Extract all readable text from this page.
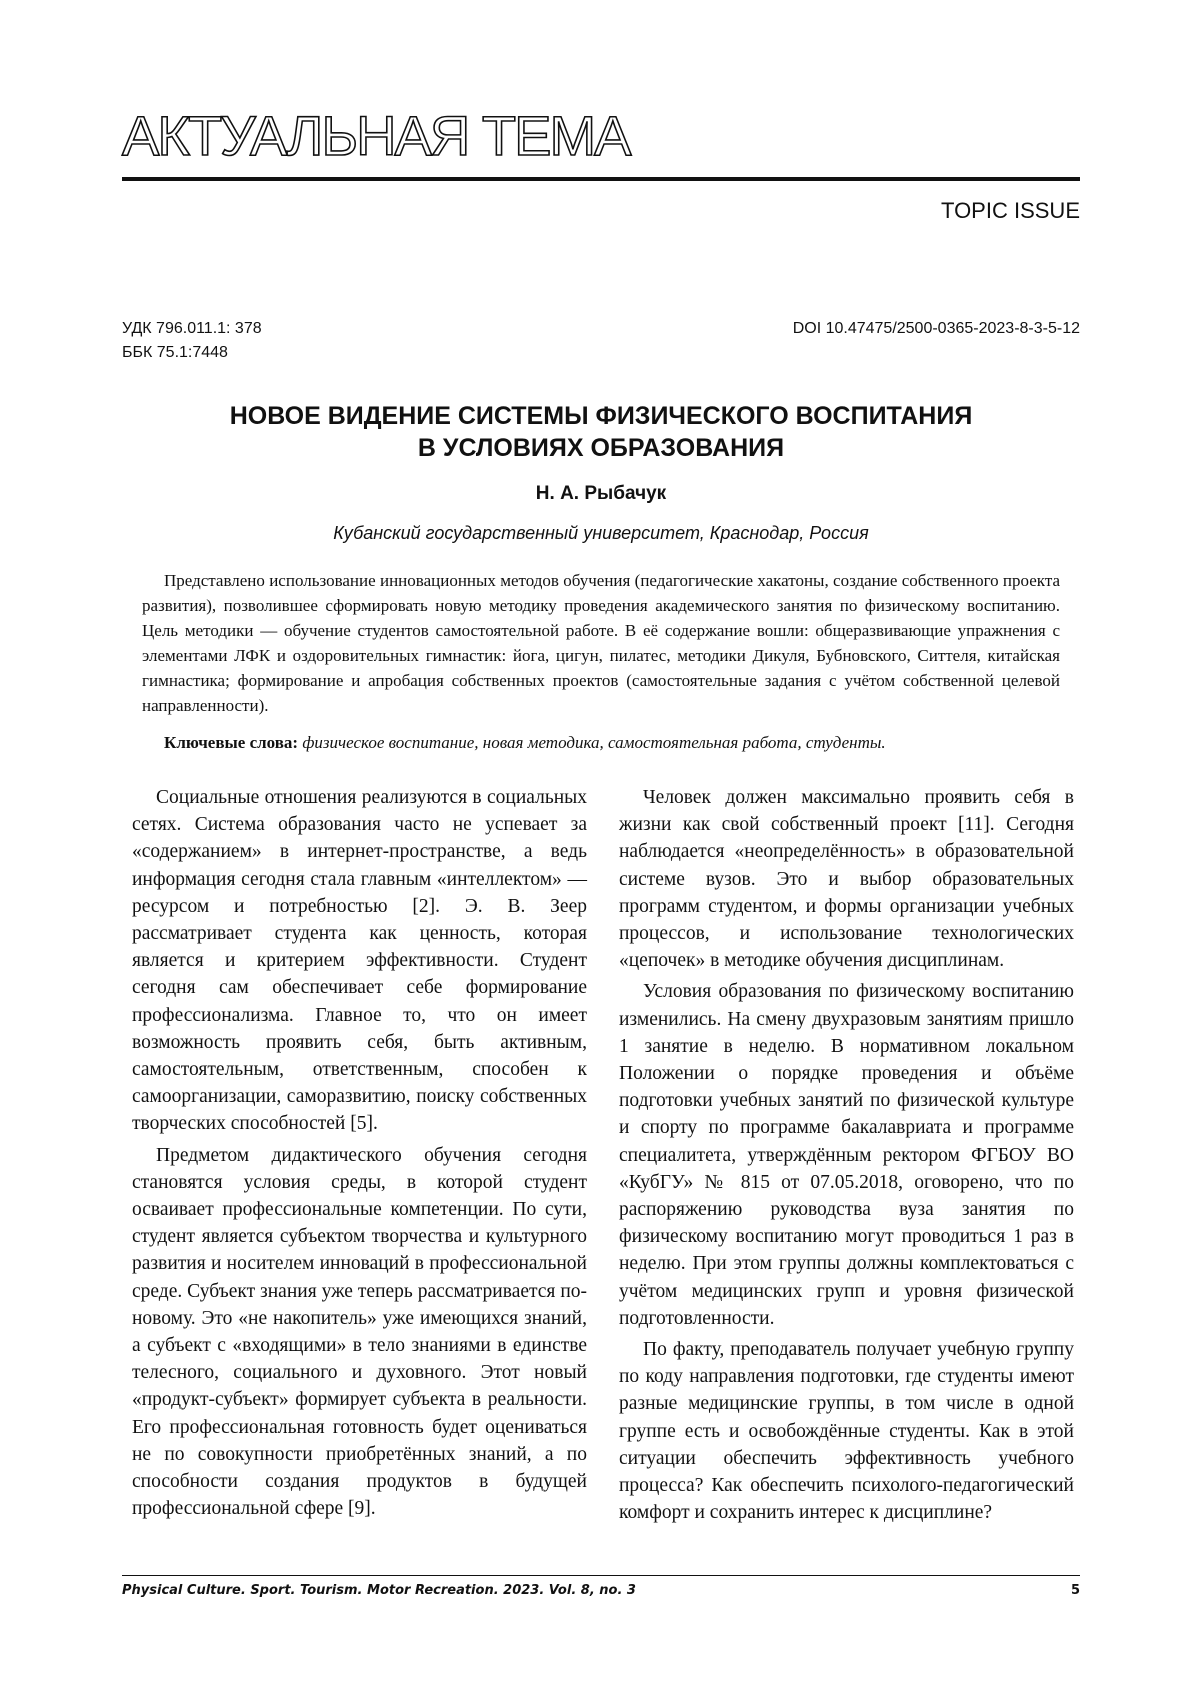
АКТУАЛЬНАЯ ТЕМА
TOPIC ISSUE
УДК 796.011.1: 378
ББК 75.1:7448
DOI 10.47475/2500-0365-2023-8-3-5-12
НОВОЕ ВИДЕНИЕ СИСТЕМЫ ФИЗИЧЕСКОГО ВОСПИТАНИЯ
В УСЛОВИЯХ ОБРАЗОВАНИЯ
Н. А. Рыбачук
Кубанский государственный университет, Краснодар, Россия

Представлено использование инновационных методов обучения (педагогические хакатоны, создание собственного проекта развития), позволившее сформировать новую методику проведения академического занятия по физическому воспитанию. Цель методики — обучение студентов самостоятельной работе. В её содержание вошли: общеразвивающие упражнения с элементами ЛФК и оздоровительных гимнастик: йога, цигун, пилатес, методики Дикуля, Бубновского, Ситтеля, китайская гимнастика; формирование и апробация собственных проектов (самостоятельные задания с учётом собственной целевой направленности).

Ключевые слова: физическое воспитание, новая методика, самостоятельная работа, студенты.

Социальные отношения реализуются в социальных сетях. Система образования часто не успевает за «содержанием» в интернет-пространстве, а ведь информация сегодня стала главным «интеллектом» — ресурсом и потребностью [2]. Э. В. Зеер рассматривает студента как ценность, которая является и критерием эффективности. Студент сегодня сам обеспечивает себе формирование профессионализма. Главное то, что он имеет возможность проявить себя, быть активным, самостоятельным, ответственным, способен к самоорганизации, саморазвитию, поиску собственных творческих способностей [5].

Предметом дидактического обучения сегодня становятся условия среды, в которой студент осваивает профессиональные компетенции. По сути, студент является субъектом творчества и культурного развития и носителем инноваций в профессиональной среде. Субъект знания уже теперь рассматривается по-новому. Это «не накопитель» уже имеющихся знаний, а субъект с «входящими» в тело знаниями в единстве телесного, социального и духовного. Этот новый «продукт-субъект» формирует субъекта в реальности. Его профессиональная готовность будет оцениваться не по совокупности приобретённых знаний, а по способности создания продуктов в будущей профессиональной сфере [9].

Человек должен максимально проявить себя в жизни как свой собственный проект [11]. Сегодня наблюдается «неопределённость» в образовательной системе вузов. Это и выбор образовательных программ студентом, и формы организации учебных процессов, и использование технологических «цепочек» в методике обучения дисциплинам.

Условия образования по физическому воспитанию изменились. На смену двухразовым занятиям пришло 1 занятие в неделю. В нормативном локальном Положении о порядке проведения и объёме подготовки учебных занятий по физической культуре и спорту по программе бакалавриата и программе специалитета, утверждённым ректором ФГБОУ ВО «КубГУ» № 815 от 07.05.2018, оговорено, что по распоряжению руководства вуза занятия по физическому воспитанию могут проводиться 1 раз в неделю. При этом группы должны комплектоваться с учётом медицинских групп и уровня физической подготовленности.

По факту, преподаватель получает учебную группу по коду направления подготовки, где студенты имеют разные медицинские группы, в том числе в одной группе есть и освобождённые студенты. Как в этой ситуации обеспечить эффективность учебного процесса? Как обеспечить психолого-педагогический комфорт и сохранить интерес к дисциплине?

Physical Culture. Sport. Tourism. Motor Recreation. 2023. Vol. 8, no. 3	5
